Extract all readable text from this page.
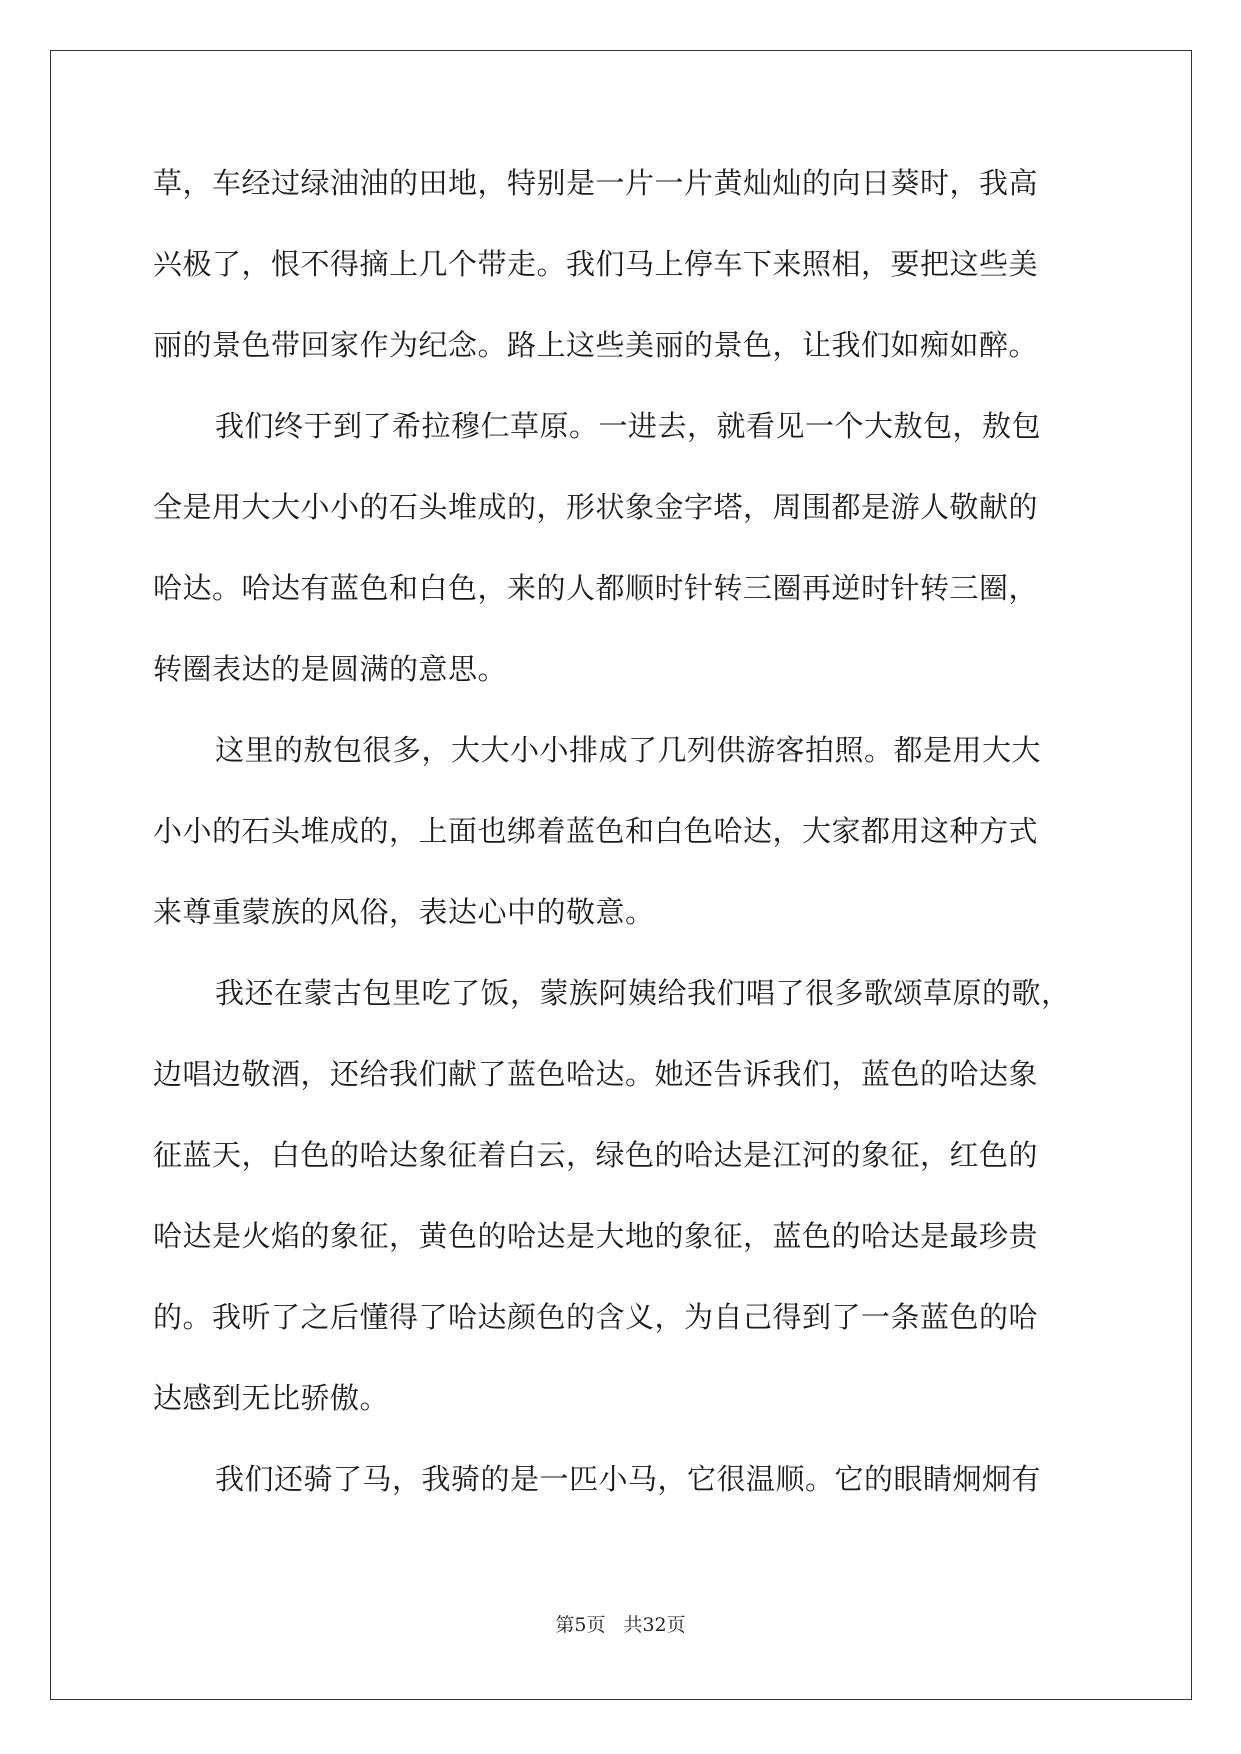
草，车经过绿油油的田地，特别是一片一片黄灿灿的向日葵时，我高
兴极了，恨不得摘上几个带走。我们马上停车下来照相，要把这些美
丽的景色带回家作为纪念。路上这些美丽的景色，让我们如痴如醉。
我们终于到了希拉穆仁草原。一进去，就看见一个大敖包，敖包
全是用大大小小的石头堆成的，形状象金字塔，周围都是游人敬献的
哈达。哈达有蓝色和白色，来的人都顺时针转三圈再逆时针转三圈，
转圈表达的是圆满的意思。
这里的敖包很多，大大小小排成了几列供游客拍照。都是用大大
小小的石头堆成的，上面也绑着蓝色和白色哈达，大家都用这种方式
来尊重蒙族的风俗，表达心中的敬意。
我还在蒙古包里吃了饭，蒙族阿姨给我们唱了很多歌颂草原的歌，
边唱边敬酒，还给我们献了蓝色哈达。她还告诉我们，蓝色的哈达象
征蓝天，白色的哈达象征着白云，绿色的哈达是江河的象征，红色的
哈达是火焰的象征，黄色的哈达是大地的象征，蓝色的哈达是最珍贵
的。我听了之后懂得了哈达颜色的含义，为自己得到了一条蓝色的哈
达感到无比骄傲。
我们还骑了马，我骑的是一匹小马，它很温顺。它的眼睛炯炯有
第5页 共32页
